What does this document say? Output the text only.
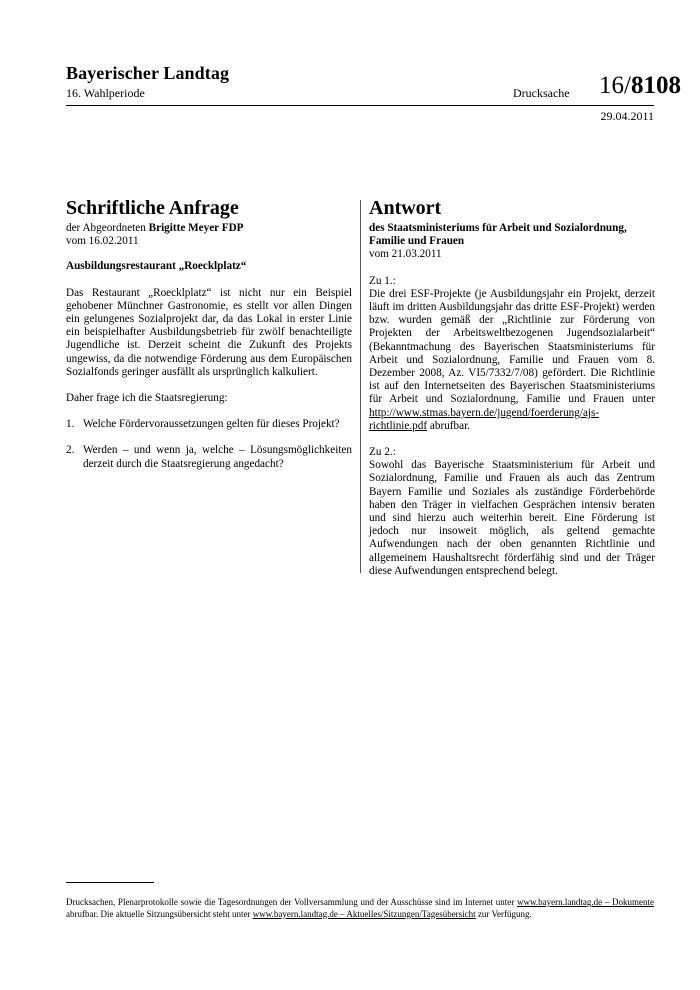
Bayerischer Landtag
16. Wahlperiode	Drucksache 16/8108
29.04.2011
Schriftliche Anfrage

der Abgeordneten Brigitte Meyer FDP

vom 16.02.2011

Ausbildungsrestaurant „Roecklplatz“

Das Restaurant „Roecklplatz“ ist nicht nur ein Beispiel gehobener Münchner Gastronomie, es stellt vor allen Dingen ein gelungenes Sozialprojekt dar, da das Lokal in erster Linie ein beispielhafter Ausbildungsbetrieb für zwölf benachteiligte Jugendliche ist. Derzeit scheint die Zukunft des Projekts ungewiss, da die notwendige Förderung aus dem Europäischen Sozialfonds geringer ausfällt als ursprünglich kalkuliert.

Daher frage ich die Staatsregierung:

1. Welche Fördervoraussetzungen gelten für dieses Projekt?
2. Werden – und wenn ja, welche – Lösungsmöglichkeiten derzeit durch die Staatsregierung angedacht?
Antwort

des Staatsministeriums für Arbeit und Sozialordnung, Familie und Frauen

vom 21.03.2011

Zu 1.:

Die drei ESF-Projekte (je Ausbildungsjahr ein Projekt, derzeit läuft im dritten Ausbildungsjahr das dritte ESF-Projekt) werden bzw. wurden gemäß der „Richtlinie zur Förderung von Projekten der Arbeitsweltbezogenen Jugendsozialarbeit“ (Bekanntmachung des Bayerischen Staatsministeriums für Arbeit und Sozialordnung, Familie und Frauen vom 8. Dezember 2008, Az. VI5/7332/7/08) gefördert. Die Richtlinie ist auf den Internetseiten des Bayerischen Staatsministeriums für Arbeit und Sozialordnung, Familie und Frauen unter http://www.stmas.bayern.de/jugend/foerderung/ajs-richtlinie.pdf abrufbar.

Zu 2.:

Sowohl das Bayerische Staatsministerium für Arbeit und Sozialordnung, Familie und Frauen als auch das Zentrum Bayern Familie und Soziales als zuständige Förderbehörde haben den Träger in vielfachen Gesprächen intensiv beraten und sind hierzu auch weiterhin bereit. Eine Förderung ist jedoch nur insoweit möglich, als geltend gemachte Aufwendungen nach der oben genannten Richtlinie und allgemeinem Haushaltsrecht förderfähig sind und der Träger diese Aufwendungen entsprechend belegt.

Drucksachen, Plenarprotokolle sowie die Tagesordnungen der Vollversammlung und der Ausschüsse sind im Internet unter www.bayern.landtag.de – Dokumente abrufbar. Die aktuelle Sitzungsübersicht steht unter www.bayern.landtag.de – Aktuelles/Sitzungen/Tagesübersicht zur Verfügung.
